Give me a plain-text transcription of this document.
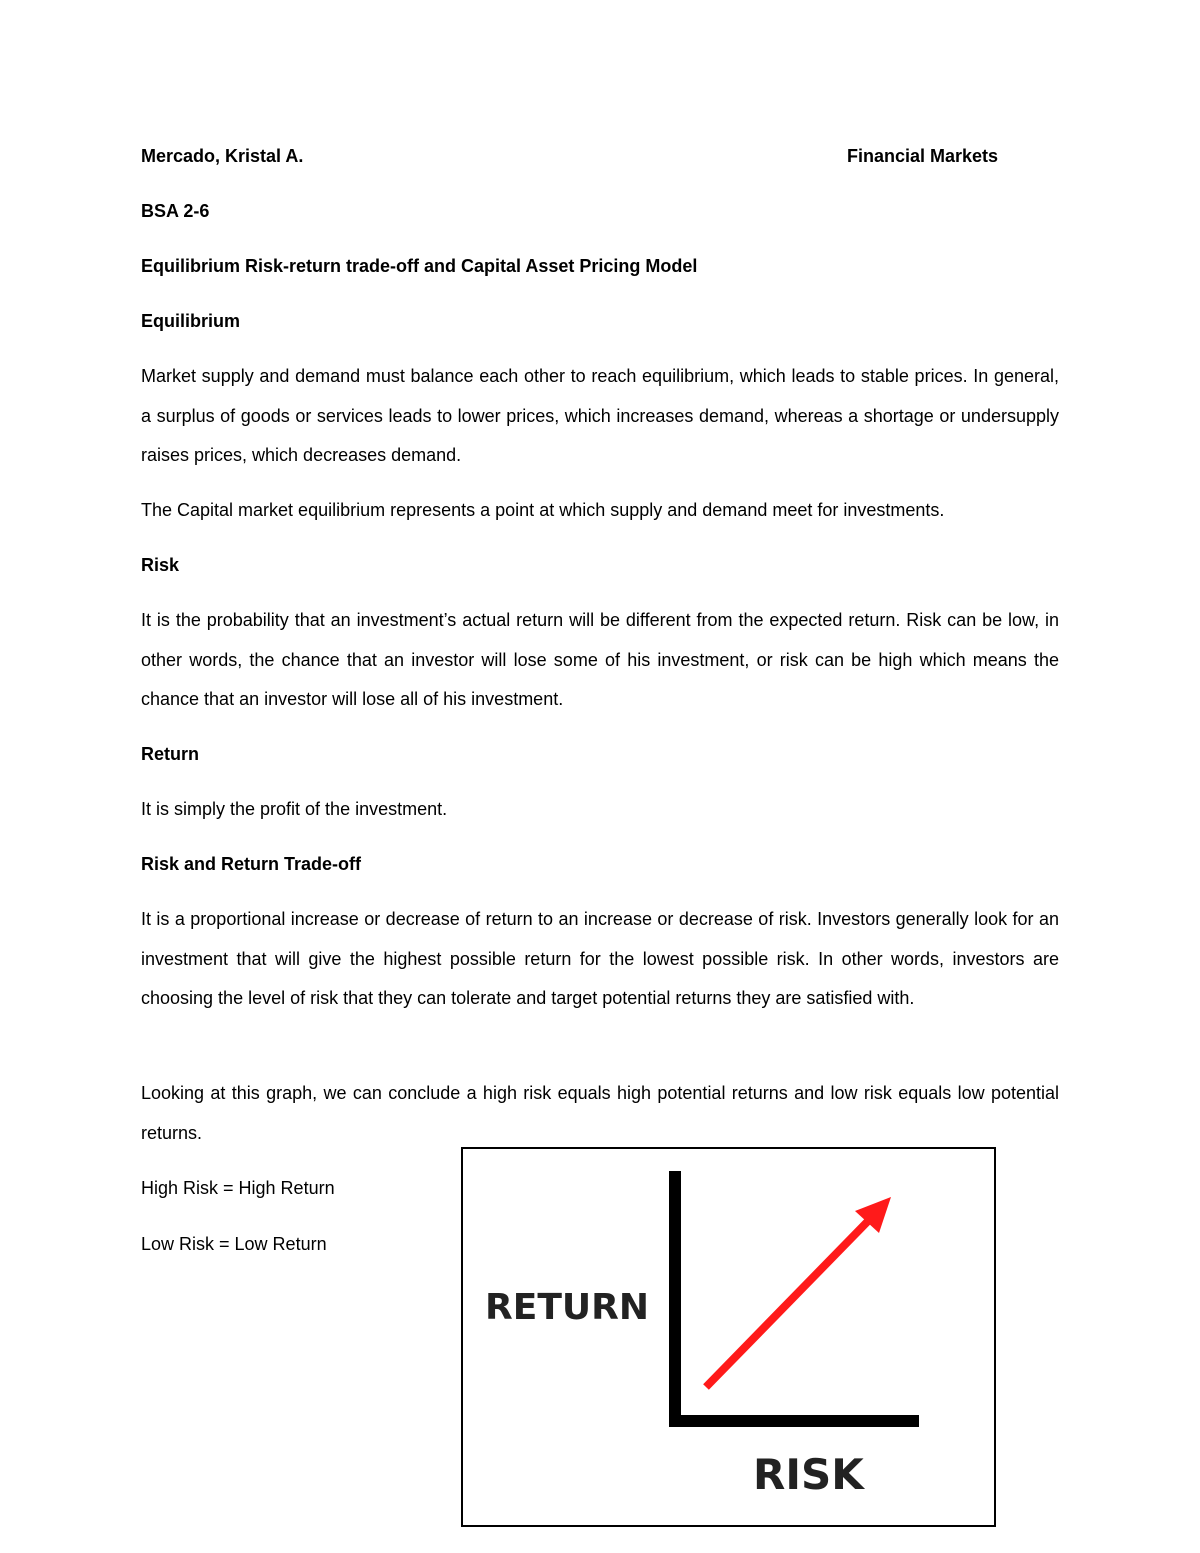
Mercado, Kristal A.	Financial Markets
BSA 2-6
Equilibrium Risk-return trade-off and Capital Asset Pricing Model
Equilibrium
Market supply and demand must balance each other to reach equilibrium, which leads to stable prices. In general, a surplus of goods or services leads to lower prices, which increases demand, whereas a shortage or undersupply raises prices, which decreases demand.
The Capital market equilibrium represents a point at which supply and demand meet for investments.
Risk
It is the probability that an investment’s actual return will be different from the expected return. Risk can be low, in other words, the chance that an investor will lose some of his investment, or risk can be high which means the chance that an investor will lose all of his investment.
Return
It is simply the profit of the investment.
Risk and Return Trade-off
It is a proportional increase or decrease of return to an increase or decrease of risk. Investors generally look for an investment that will give the highest possible return for the lowest possible risk. In other words, investors are choosing the level of risk that they can tolerate and target potential returns they are satisfied with.
Looking at this graph, we can conclude a high risk equals high potential returns and low risk equals low potential returns.
High Risk = High Return
Low Risk = Low Return
RETURN
RISK
